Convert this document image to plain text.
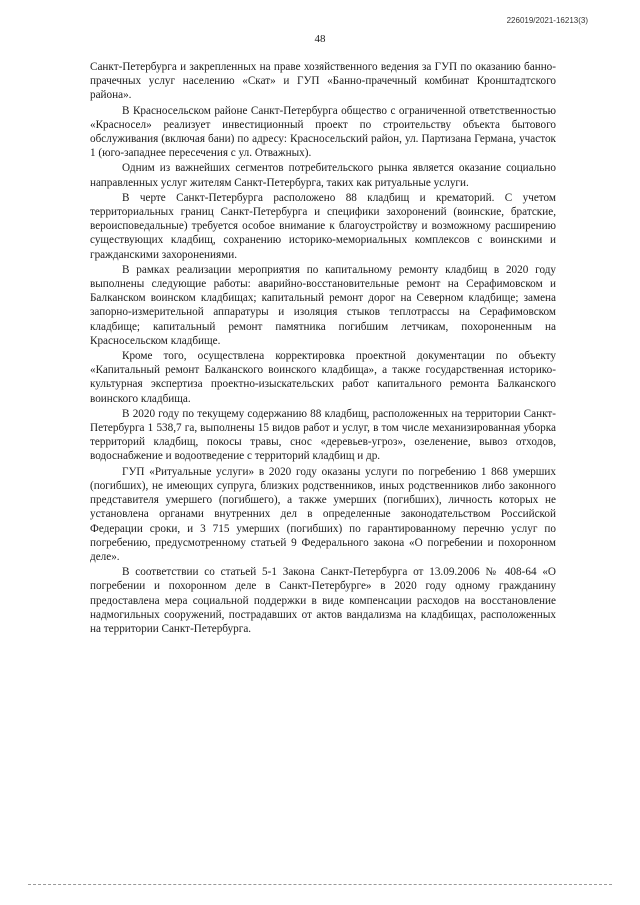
226019/2021-16213(3)
48

Санкт-Петербурга и закрепленных на праве хозяйственного ведения за ГУП по оказанию банно-прачечных услуг населению «Скат» и ГУП «Банно-прачечный комбинат Кронштадтского района».

В Красносельском районе Санкт-Петербурга общество с ограниченной ответственностью «Красносел» реализует инвестиционный проект по строительству объекта бытового обслуживания (включая бани) по адресу: Красносельский район, ул. Партизана Германа, участок 1 (юго-западнее пересечения с ул. Отважных).

Одним из важнейших сегментов потребительского рынка является оказание социально направленных услуг жителям Санкт-Петербурга, таких как ритуальные услуги.

В черте Санкт-Петербурга расположено 88 кладбищ и крематорий. С учетом территориальных границ Санкт-Петербурга и специфики захоронений (воинские, братские, вероисповедальные) требуется особое внимание к благоустройству и возможному расширению существующих кладбищ, сохранению историко-мемориальных комплексов с воинскими и гражданскими захоронениями.

В рамках реализации мероприятия по капитальному ремонту кладбищ в 2020 году выполнены следующие работы: аварийно-восстановительные ремонт на Серафимовском и Балканском воинском кладбищах; капитальный ремонт дорог на Северном кладбище; замена запорно-измерительной аппаратуры и изоляция стыков теплотрассы на Серафимовском кладбище; капитальный ремонт памятника погибшим летчикам, похороненным на Красносельском кладбище.

Кроме того, осуществлена корректировка проектной документации по объекту «Капитальный ремонт Балканского воинского кладбища», а также государственная историко-культурная экспертиза проектно-изыскательских работ капитального ремонта Балканского воинского кладбища.

В 2020 году по текущему содержанию 88 кладбищ, расположенных на территории Санкт-Петербурга 1 538,7 га, выполнены 15 видов работ и услуг, в том числе механизированная уборка территорий кладбищ, покосы травы, снос «деревьев-угроз», озеленение, вывоз отходов, водоснабжение и водоотведение с территорий кладбищ и др.

ГУП «Ритуальные услуги» в 2020 году оказаны услуги по погребению 1 868 умерших (погибших), не имеющих супруга, близких родственников, иных родственников либо законного представителя умершего (погибшего), а также умерших (погибших), личность которых не установлена органами внутренних дел в определенные законодательством Российской Федерации сроки, и 3 715 умерших (погибших) по гарантированному перечню услуг по погребению, предусмотренному статьей 9 Федерального закона «О погребении и похоронном деле».

В соответствии со статьей 5-1 Закона Санкт-Петербурга от 13.09.2006 № 408-64 «О погребении и похоронном деле в Санкт-Петербурге» в 2020 году одному гражданину предоставлена мера социальной поддержки в виде компенсации расходов на восстановление надмогильных сооружений, пострадавших от актов вандализма на кладбищах, расположенных на территории Санкт-Петербурга.
